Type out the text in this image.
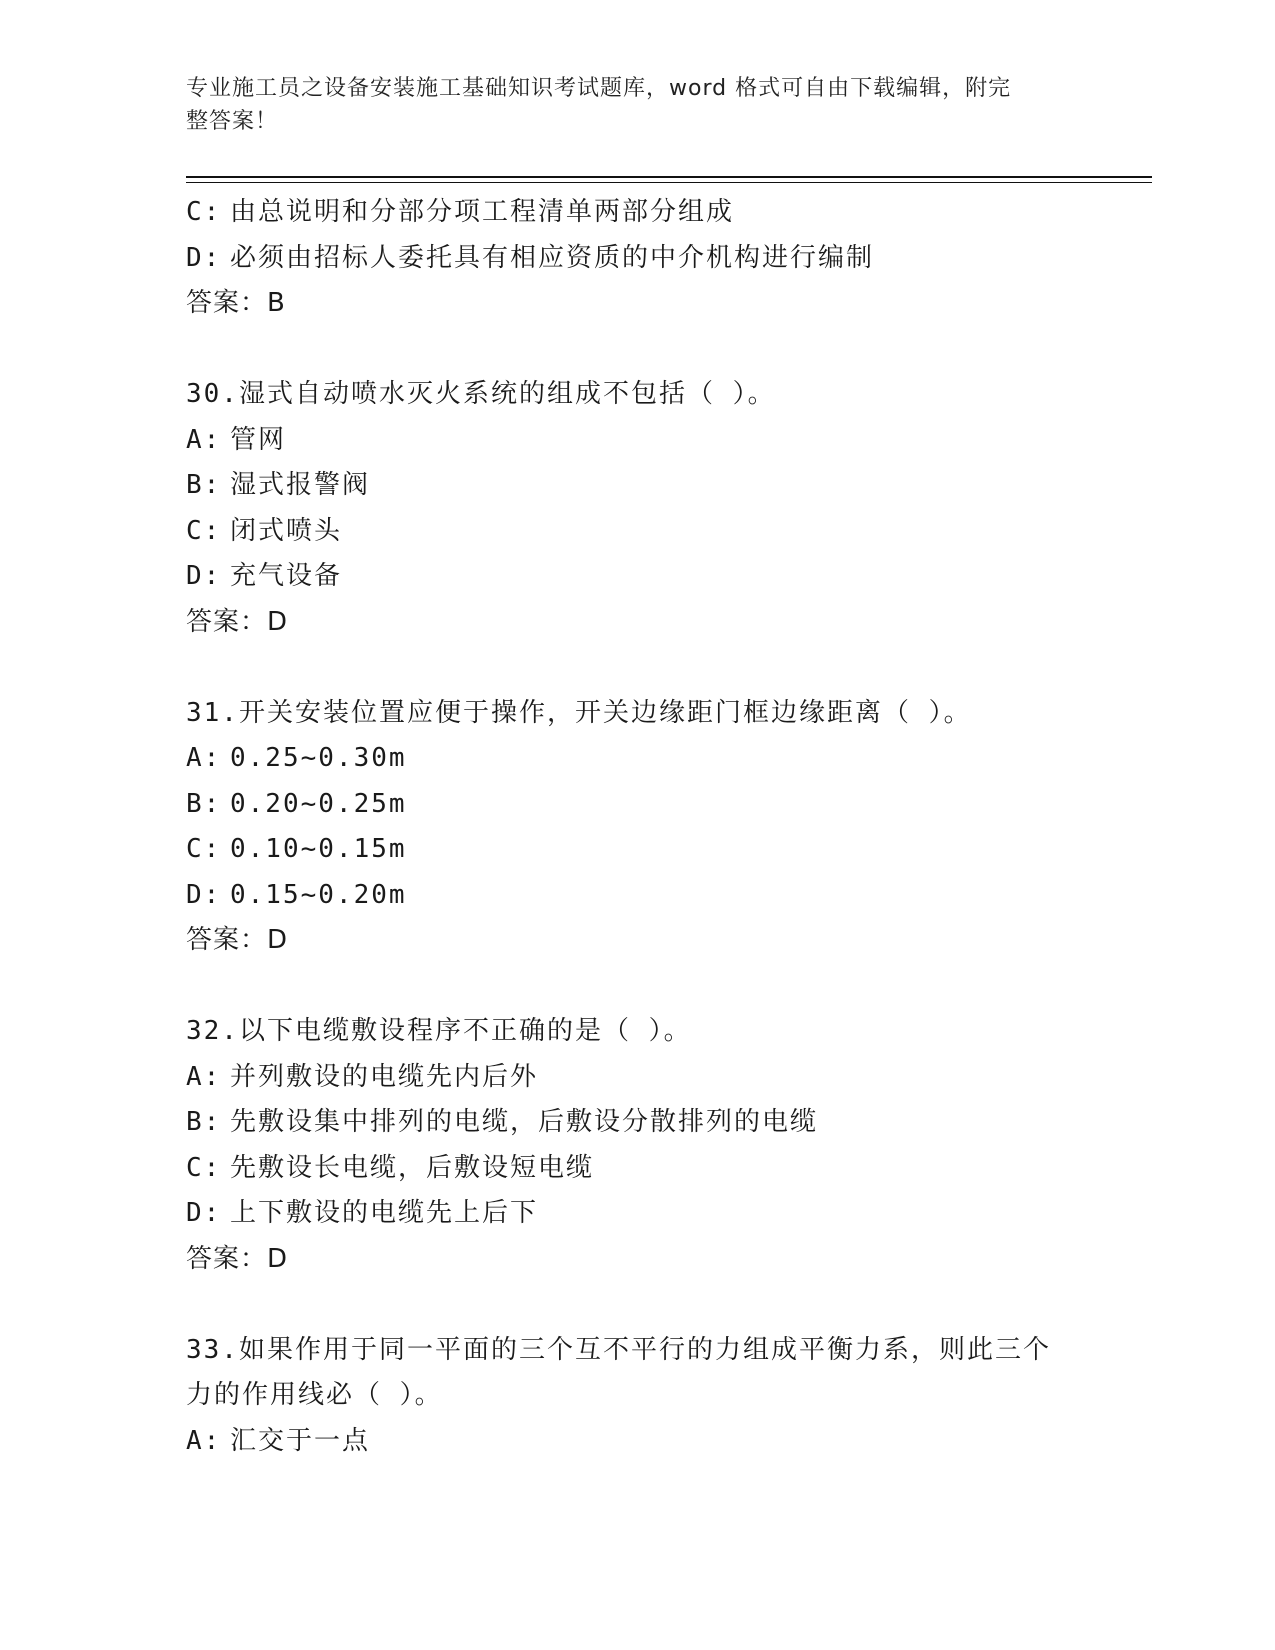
专业施工员之设备安装施工基础知识考试题库，word 格式可自由下载编辑，附完
整答案！
C: 由总说明和分部分项工程清单两部分组成
D: 必须由招标人委托具有相应资质的中介机构进行编制
答案：B
30.湿式自动喷水灭火系统的组成不包括（ ）。
A: 管网
B: 湿式报警阀
C: 闭式喷头
D: 充气设备
答案：D
31.开关安装位置应便于操作，开关边缘距门框边缘距离（ ）。
A: 0.25~0.30m
B: 0.20~0.25m
C: 0.10~0.15m
D: 0.15~0.20m
答案：D
32.以下电缆敷设程序不正确的是（ ）。
A: 并列敷设的电缆先内后外
B: 先敷设集中排列的电缆，后敷设分散排列的电缆
C: 先敷设长电缆，后敷设短电缆
D: 上下敷设的电缆先上后下
答案：D
33.如果作用于同一平面的三个互不平行的力组成平衡力系，则此三个
力的作用线必（ ）。
A: 汇交于一点
